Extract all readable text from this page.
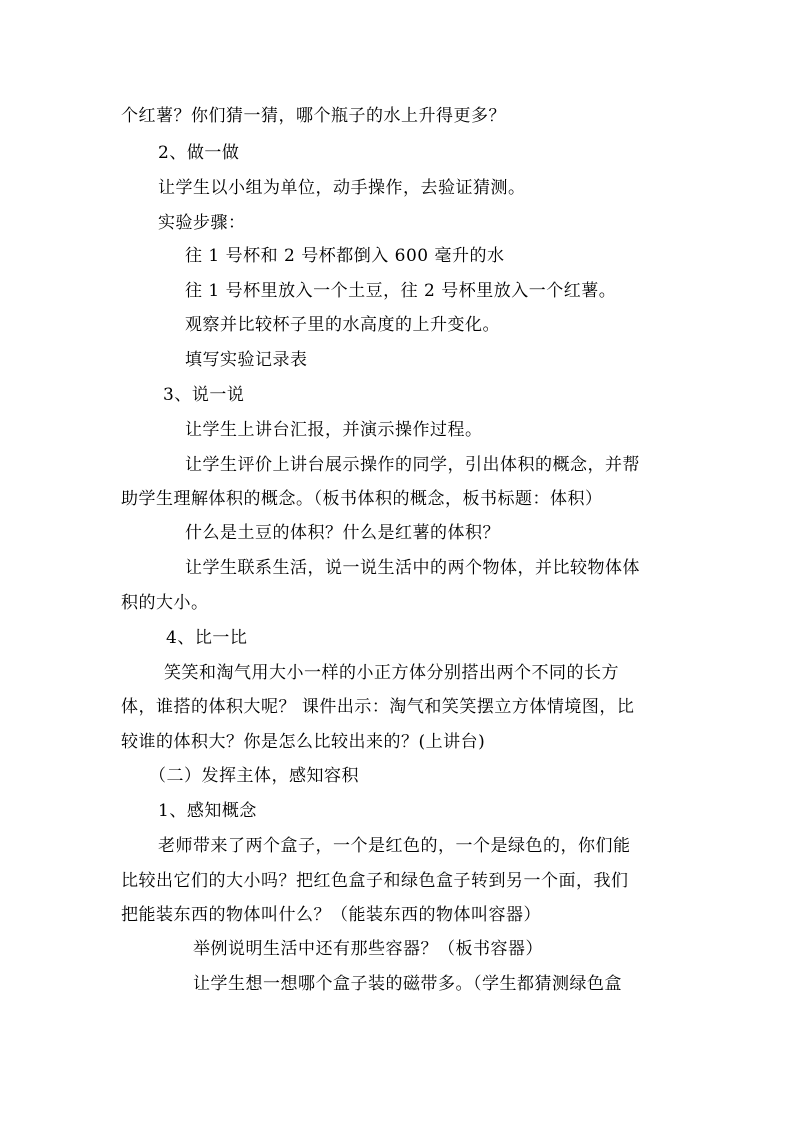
个红薯？你们猜一猜，哪个瓶子的水上升得更多？
2、做一做
让学生以小组为单位，动手操作，去验证猜测。
实验步骤：
往 1 号杯和 2 号杯都倒入 600 毫升的水
往 1 号杯里放入一个土豆，往 2 号杯里放入一个红薯。
观察并比较杯子里的水高度的上升变化。
填写实验记录表
3、说一说
让学生上讲台汇报，并演示操作过程。
让学生评价上讲台展示操作的同学，引出体积的概念，并帮
助学生理解体积的概念。（板书体积的概念，板书标题：体积）
什么是土豆的体积？什么是红薯的体积？
让学生联系生活，说一说生活中的两个物体，并比较物体体
积的大小。
4、比一比
笑笑和淘气用大小一样的小正方体分别搭出两个不同的长方
体，谁搭的体积大呢？ 课件出示：淘气和笑笑摆立方体情境图，比
较谁的体积大？你是怎么比较出来的？(上讲台)
（二）发挥主体，感知容积
1、感知概念
老师带来了两个盒子，一个是红色的，一个是绿色的，你们能
比较出它们的大小吗？把红色盒子和绿色盒子转到另一个面，我们
把能装东西的物体叫什么？（能装东西的物体叫容器）
举例说明生活中还有那些容器？（板书容器）
让学生想一想哪个盒子装的磁带多。（学生都猜测绿色盒
